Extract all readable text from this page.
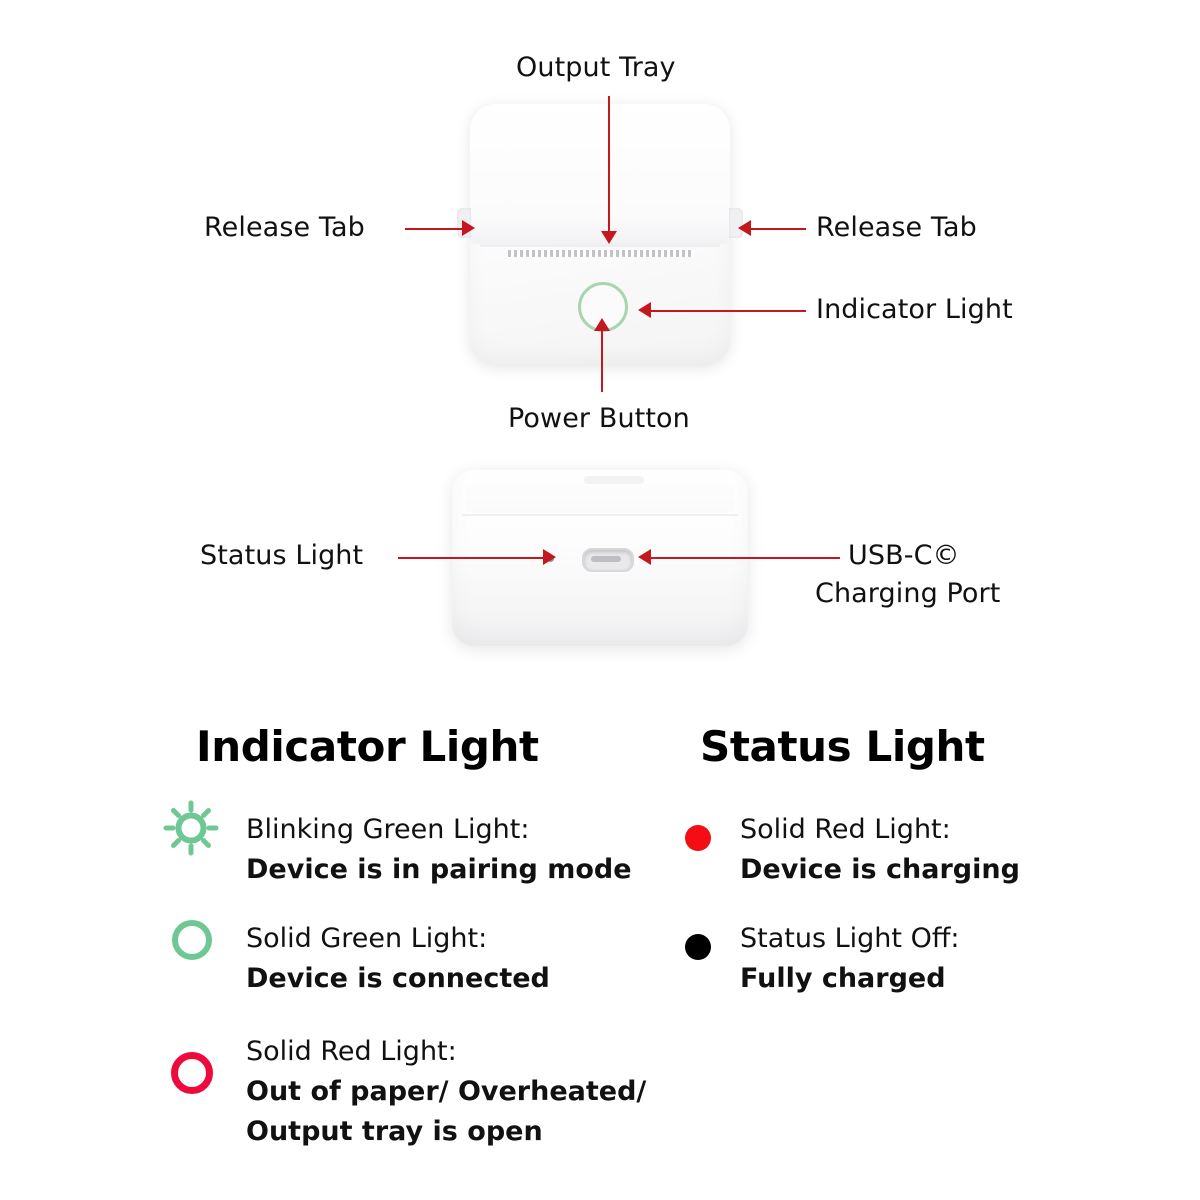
Output Tray
Release Tab	Release Tab
Indicator Light
Power Button
Status Light	USB-C©
Charging Port
Indicator Light
Blinking Green Light:
Device is in pairing mode
Solid Green Light:
Device is connected
Solid Red Light:
Out of paper/ Overheated/
Output tray is open
Status Light
Solid Red Light:
Device is charging
Status Light Off:
Fully charged
